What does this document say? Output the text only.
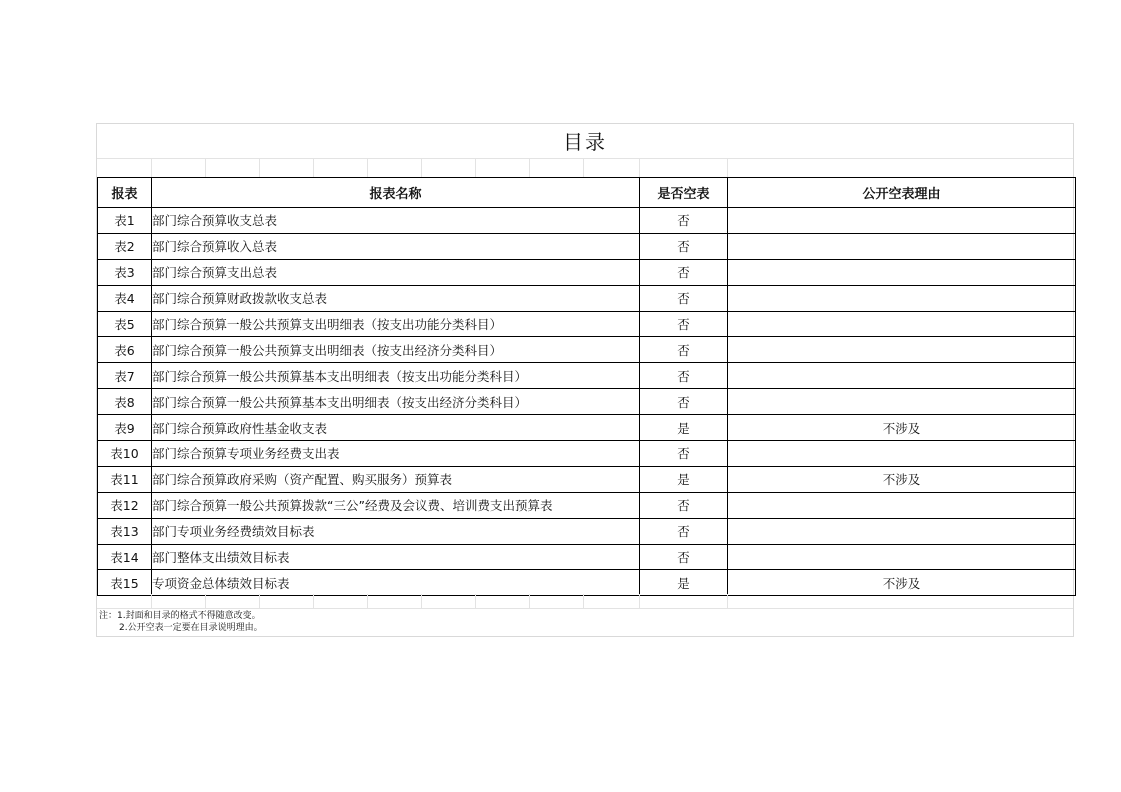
目录
报表	报表名称	是否空表	公开空表理由
表1	部门综合预算收支总表	否	
表2	部门综合预算收入总表	否	
表3	部门综合预算支出总表	否	
表4	部门综合预算财政拨款收支总表	否	
表5	部门综合预算一般公共预算支出明细表（按支出功能分类科目）	否	
表6	部门综合预算一般公共预算支出明细表（按支出经济分类科目）	否	
表7	部门综合预算一般公共预算基本支出明细表（按支出功能分类科目）	否	
表8	部门综合预算一般公共预算基本支出明细表（按支出经济分类科目）	否	
表9	部门综合预算政府性基金收支表	是	不涉及
表10	部门综合预算专项业务经费支出表	否	
表11	部门综合预算政府采购（资产配置、购买服务）预算表	是	不涉及
表12	部门综合预算一般公共预算拨款“三公”经费及会议费、培训费支出预算表	否	
表13	部门专项业务经费绩效目标表	否	
表14	部门整体支出绩效目标表	否	
表15	专项资金总体绩效目标表	是	不涉及
注：1.封面和目录的格式不得随意改变。
2.公开空表一定要在目录说明理由。
